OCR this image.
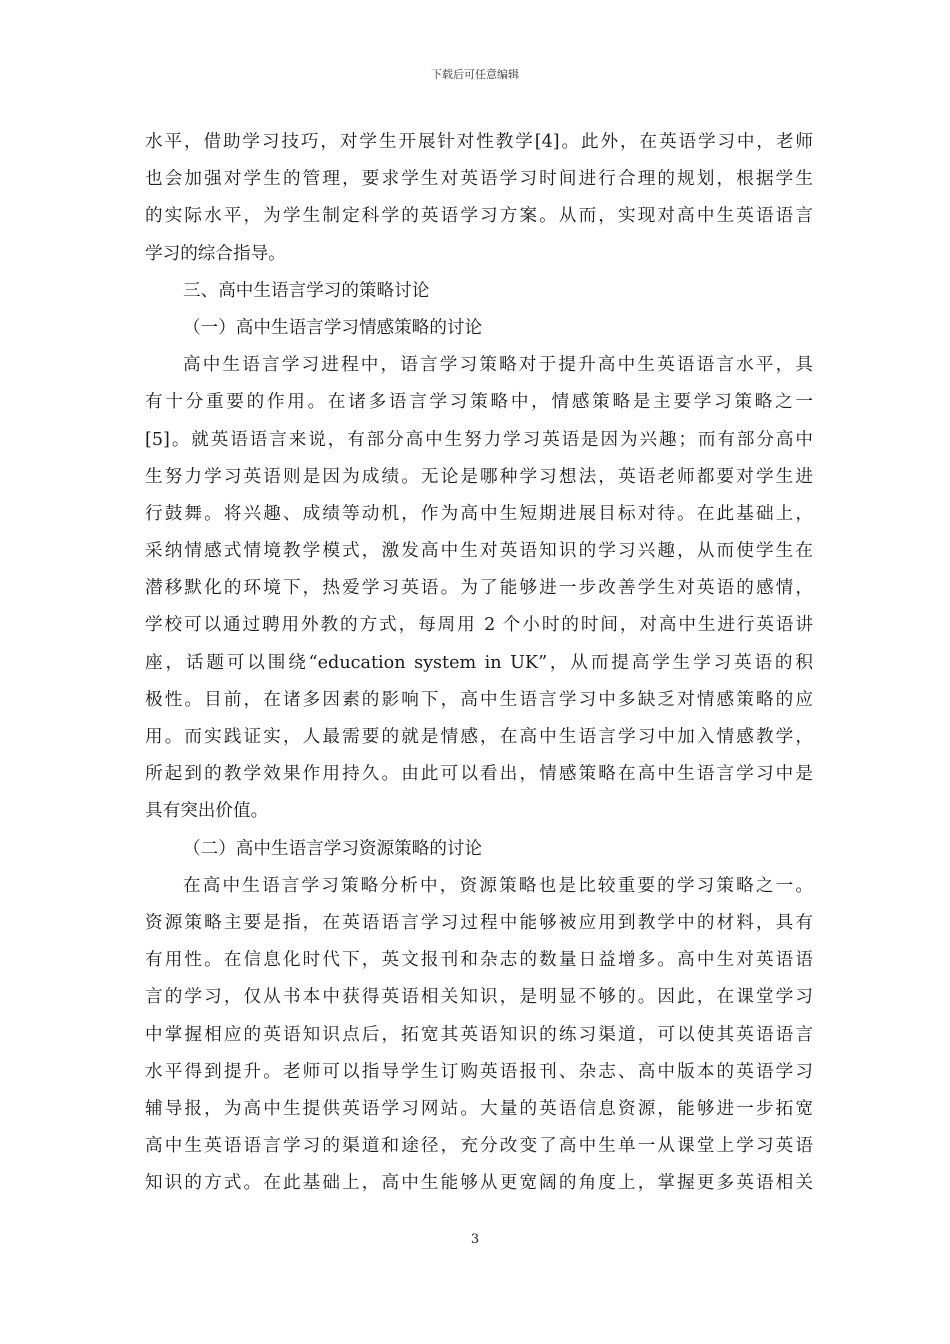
下载后可任意编辑
水平，借助学习技巧，对学生开展针对性教学[4]。此外，在英语学习中，老师
也会加强对学生的管理，要求学生对英语学习时间进行合理的规划，根据学生
的实际水平，为学生制定科学的英语学习方案。从而，实现对高中生英语语言
学习的综合指导。
三、高中生语言学习的策略讨论
（一）高中生语言学习情感策略的讨论
高中生语言学习进程中，语言学习策略对于提升高中生英语语言水平，具
有十分重要的作用。在诸多语言学习策略中，情感策略是主要学习策略之一
[5]。就英语语言来说，有部分高中生努力学习英语是因为兴趣；而有部分高中
生努力学习英语则是因为成绩。无论是哪种学习想法，英语老师都要对学生进
行鼓舞。将兴趣、成绩等动机，作为高中生短期进展目标对待。在此基础上，
采纳情感式情境教学模式，激发高中生对英语知识的学习兴趣，从而使学生在
潜移默化的环境下，热爱学习英语。为了能够进一步改善学生对英语的感情，
学校可以通过聘用外教的方式，每周用 2 个小时的时间，对高中生进行英语讲
座，话题可以围绕“education system in UK”，从而提高学生学习英语的积
极性。目前，在诸多因素的影响下，高中生语言学习中多缺乏对情感策略的应
用。而实践证实，人最需要的就是情感，在高中生语言学习中加入情感教学，
所起到的教学效果作用持久。由此可以看出，情感策略在高中生语言学习中是
具有突出价值。
（二）高中生语言学习资源策略的讨论
在高中生语言学习策略分析中，资源策略也是比较重要的学习策略之一。
资源策略主要是指，在英语语言学习过程中能够被应用到教学中的材料，具有
有用性。在信息化时代下，英文报刊和杂志的数量日益增多。高中生对英语语
言的学习，仅从书本中获得英语相关知识，是明显不够的。因此，在课堂学习
中掌握相应的英语知识点后，拓宽其英语知识的练习渠道，可以使其英语语言
水平得到提升。老师可以指导学生订购英语报刊、杂志、高中版本的英语学习
辅导报，为高中生提供英语学习网站。大量的英语信息资源，能够进一步拓宽
高中生英语语言学习的渠道和途径，充分改变了高中生单一从课堂上学习英语
知识的方式。在此基础上，高中生能够从更宽阔的角度上，掌握更多英语相关
3
